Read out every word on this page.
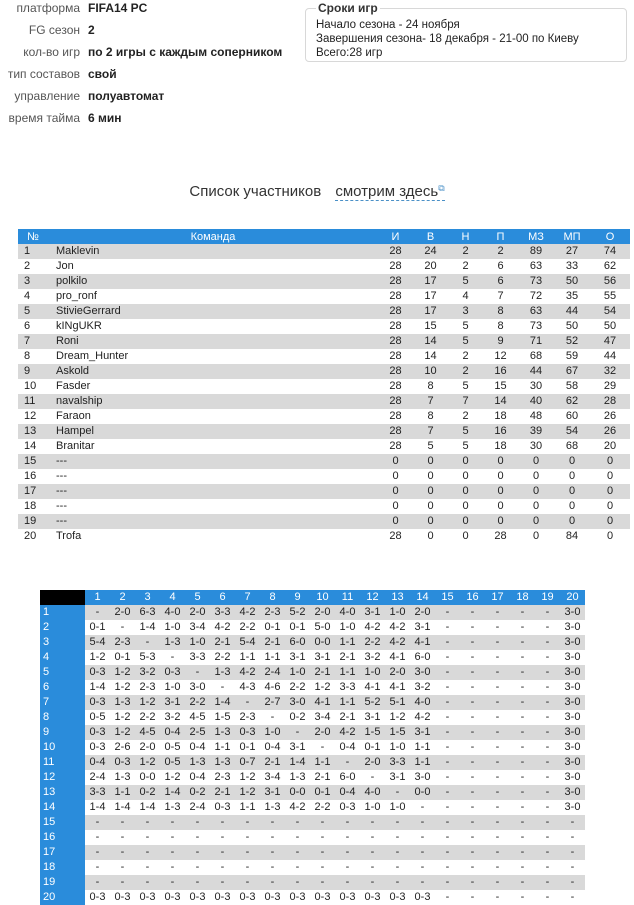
платформа FIFA14 PC
FG сезон 2
кол-во игр по 2 игры с каждым соперником
тип составов свой
управление полуавтомат
время тайма 6 мин
Сроки игр
Начало сезона - 24 ноября
Завершения сезона- 18 декабря - 21-00 по Киеву
Всего:28 игр
Список участников смотрим здесь⧉
№	Команда	И	В	Н	П	МЗ	МП	О
1	Maklevin	28	24	2	2	89	27	74
2	Jon	28	20	2	6	63	33	62
3	polkilo	28	17	5	6	73	50	56
4	pro_ronf	28	17	4	7	72	35	55
5	StivieGerrard	28	17	3	8	63	44	54
6	kINgUKR	28	15	5	8	73	50	50
7	Roni	28	14	5	9	71	52	47
8	Dream_Hunter	28	14	2	12	68	59	44
9	Askold	28	10	2	16	44	67	32
10	Fasder	28	8	5	15	30	58	29
11	navalship	28	7	7	14	40	62	28
12	Faraon	28	8	2	18	48	60	26
13	Hampel	28	7	5	16	39	54	26
14	Branitar	28	5	5	18	30	68	20
15	---	0	0	0	0	0	0	0
16	---	0	0	0	0	0	0	0
17	---	0	0	0	0	0	0	0
18	---	0	0	0	0	0	0	0
19	---	0	0	0	0	0	0	0
20	Trofa	28	0	0	28	0	84	0
	1	2	3	4	5	6	7	8	9	10	11	12	13	14	15	16	17	18	19	20
1	-	2-0	6-3	4-0	2-0	3-3	4-2	2-3	5-2	2-0	4-0	3-1	1-0	2-0	-	-	-	-	-	3-0
2	0-1	-	1-4	1-0	3-4	4-2	2-2	0-1	0-1	5-0	1-0	4-2	4-2	3-1	-	-	-	-	-	3-0
3	5-4	2-3	-	1-3	1-0	2-1	5-4	2-1	6-0	0-0	1-1	2-2	4-2	4-1	-	-	-	-	-	3-0
4	1-2	0-1	5-3	-	3-3	2-2	1-1	1-1	3-1	3-1	2-1	3-2	4-1	6-0	-	-	-	-	-	3-0
5	0-3	1-2	3-2	0-3	-	1-3	4-2	2-4	1-0	2-1	1-1	1-0	2-0	3-0	-	-	-	-	-	3-0
6	1-4	1-2	2-3	1-0	3-0	-	4-3	4-6	2-2	1-2	3-3	4-1	4-1	3-2	-	-	-	-	-	3-0
7	0-3	1-3	1-2	3-1	2-2	1-4	-	2-7	3-0	4-1	1-1	5-2	5-1	4-0	-	-	-	-	-	3-0
8	0-5	1-2	2-2	3-2	4-5	1-5	2-3	-	0-2	3-4	2-1	3-1	1-2	4-2	-	-	-	-	-	3-0
9	0-3	1-2	4-5	0-4	2-5	1-3	0-3	1-0	-	2-0	4-2	1-5	1-5	3-1	-	-	-	-	-	3-0
10	0-3	2-6	2-0	0-5	0-4	1-1	0-1	0-4	3-1	-	0-4	0-1	1-0	1-1	-	-	-	-	-	3-0
11	0-4	0-3	1-2	0-5	1-3	1-3	0-7	2-1	1-4	1-1	-	2-0	3-3	1-1	-	-	-	-	-	3-0
12	2-4	1-3	0-0	1-2	0-4	2-3	1-2	3-4	1-3	2-1	6-0	-	3-1	3-0	-	-	-	-	-	3-0
13	3-3	1-1	0-2	1-4	0-2	2-1	1-2	3-1	0-0	0-1	0-4	4-0	-	0-0	-	-	-	-	-	3-0
14	1-4	1-4	1-4	1-3	2-4	0-3	1-1	1-3	4-2	2-2	0-3	1-0	1-0	-	-	-	-	-	-	3-0
15	-	-	-	-	-	-	-	-	-	-	-	-	-	-	-	-	-	-	-	-
16	-	-	-	-	-	-	-	-	-	-	-	-	-	-	-	-	-	-	-	-
17	-	-	-	-	-	-	-	-	-	-	-	-	-	-	-	-	-	-	-	-
18	-	-	-	-	-	-	-	-	-	-	-	-	-	-	-	-	-	-	-	-
19	-	-	-	-	-	-	-	-	-	-	-	-	-	-	-	-	-	-	-	-
20	0-3	0-3	0-3	0-3	0-3	0-3	0-3	0-3	0-3	0-3	0-3	0-3	0-3	0-3	-	-	-	-	-	-
